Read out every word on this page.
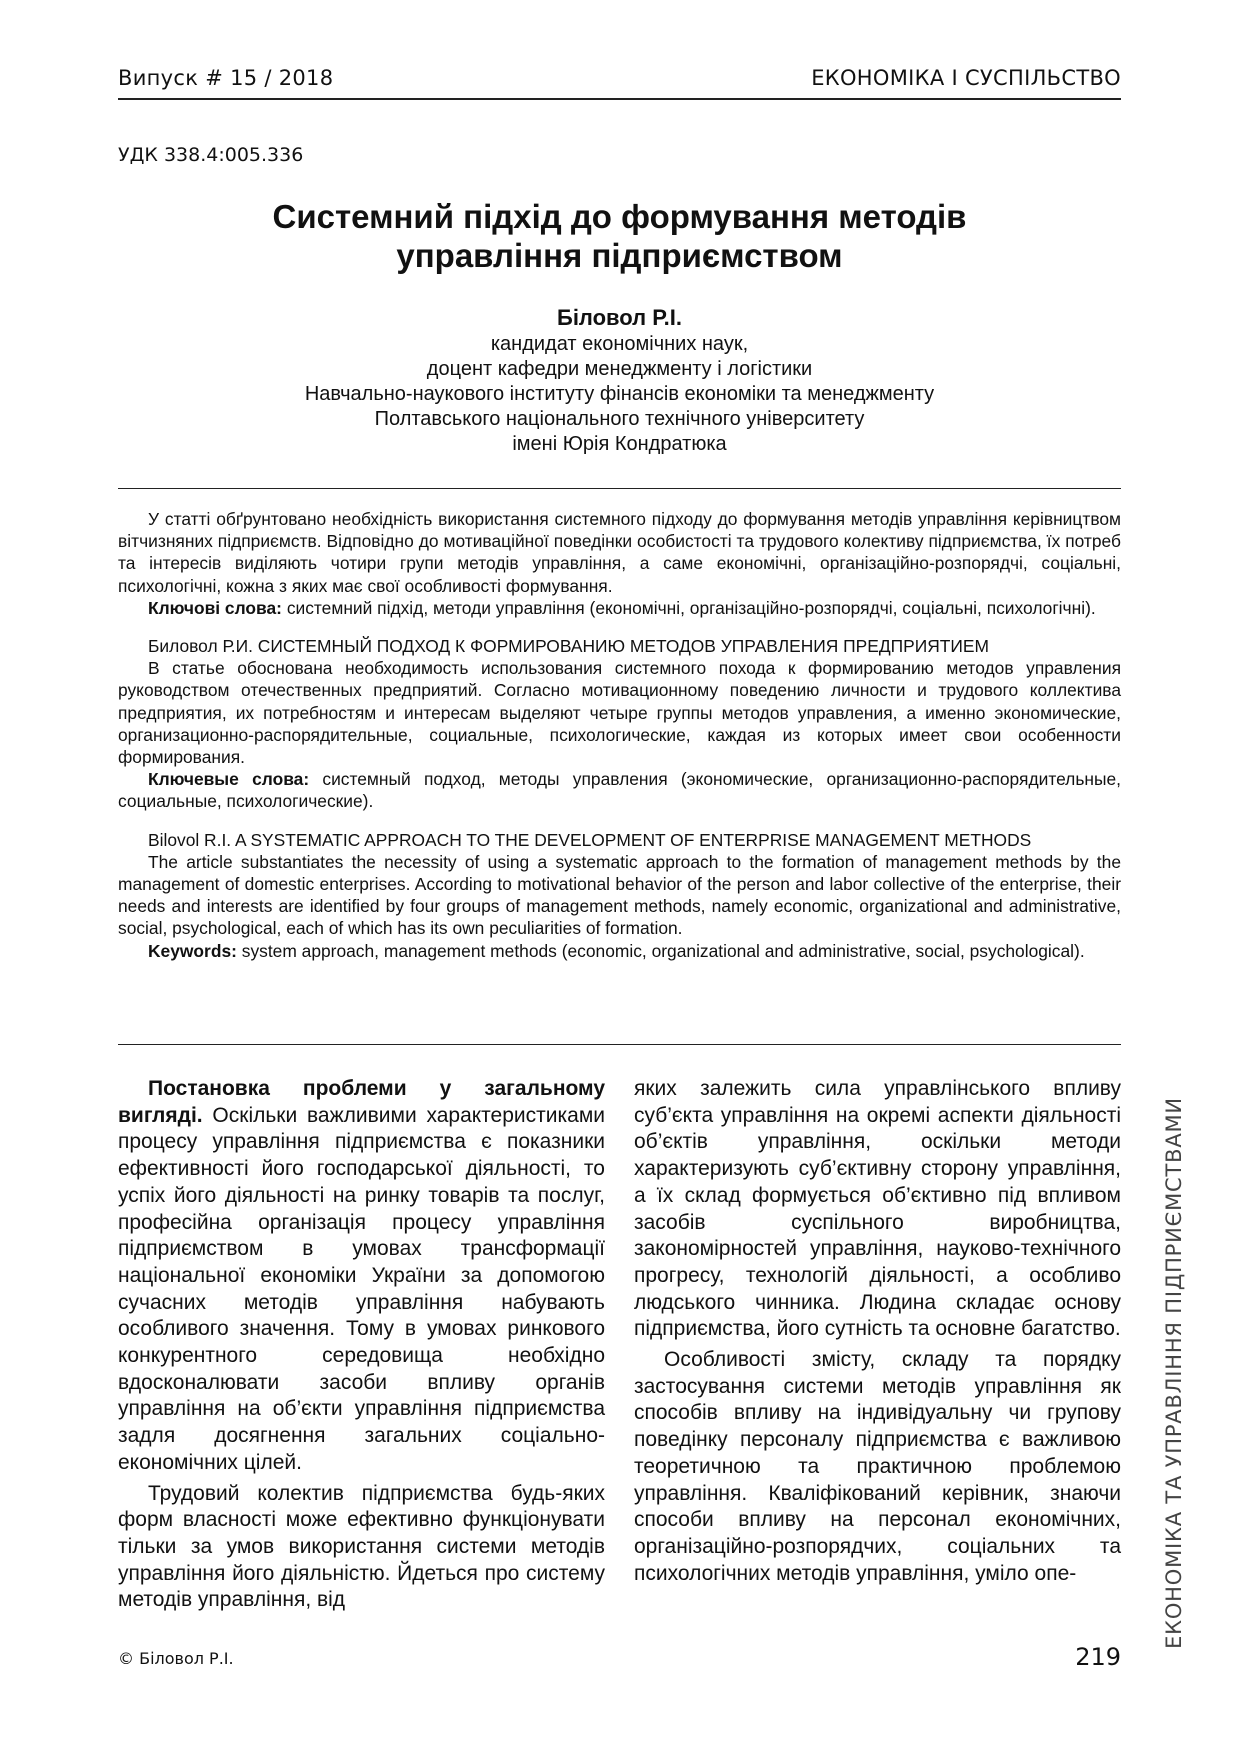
Випуск # 15 / 2018	ЕКОНОМІКА І СУСПІЛЬСТВО
УДК 338.4:005.336
Системний підхід до формування методів
управління підприємством
Біловол Р.І.
кандидат економічних наук,
доцент кафедри менеджменту і логістики
Навчально-наукового інституту фінансів економіки та менеджменту
Полтавського національного технічного університету
імені Юрія Кондратюка

У статті обґрунтовано необхідність використання системного підходу до формування методів управління керівництвом вітчизняних підприємств. Відповідно до мотиваційної поведінки особистості та трудового колективу підприємства, їх потреб та інтересів виділяють чотири групи методів управління, а саме економічні, організаційно-розпорядчі, соціальні, психологічні, кожна з яких має свої особливості формування.

Ключові слова: системний підхід, методи управління (економічні, організаційно-розпорядчі, соціальні, психологічні).

Биловол Р.И. СИСТЕМНЫЙ ПОДХОД К ФОРМИРОВАНИЮ МЕТОДОВ УПРАВЛЕНИЯ ПРЕДПРИЯТИЕМ

В статье обоснована необходимость использования системного похода к формированию методов управления руководством отечественных предприятий. Согласно мотивационному поведению личности и трудового коллектива предприятия, их потребностям и интересам выделяют четыре группы методов управления, а именно экономические, организационно-распорядительные, социальные, психологические, каждая из которых имеет свои особенности формирования.

Ключевые слова: системный подход, методы управления (экономические, организационно-распорядительные, социальные, психологические).

Bilovol R.I. A SYSTEMATIC APPROACH TO THE DEVELOPMENT OF ENTERPRISE MANAGEMENT METHODS

The article substantiates the necessity of using a systematic approach to the formation of management methods by the management of domestic enterprises. According to motivational behavior of the person and labor collective of the enterprise, their needs and interests are identified by four groups of management methods, namely economic, organizational and administrative, social, psychological, each of which has its own peculiarities of formation.

Keywords: system approach, management methods (economic, organizational and administrative, social, psychological).

Постановка проблеми у загальному вигляді. Оскільки важливими характеристиками процесу управління підприємства є показники ефективності його господарської діяльності, то успіх його діяльності на ринку товарів та послуг, професійна організація процесу управління підприємством в умовах трансформації національної економіки України за допомогою сучасних методів управління набувають особливого значення. Тому в умовах ринкового конкурентного середовища необхідно вдосконалювати засоби впливу органів управління на об’єкти управління підприємства задля досягнення загальних соціально-економічних цілей.

Трудовий колектив підприємства будь-яких форм власності може ефективно функціонувати тільки за умов використання системи методів управління його діяльністю. Йдеться про систему методів управління, від

яких залежить сила управлінського впливу суб’єкта управління на окремі аспекти діяльності об’єктів управління, оскільки методи характеризують суб’єктивну сторону управління, а їх склад формується об’єктивно під впливом засобів суспільного виробництва, закономірностей управління, науково-технічного прогресу, технологій діяльності, а особливо людського чинника. Людина складає основу підприємства, його сутність та основне багатство.

Особливості змісту, складу та порядку застосування системи методів управління як способів впливу на індивідуальну чи групову поведінку персоналу підприємства є важливою теоретичною та практичною проблемою управління. Кваліфікований керівник, знаючи способи впливу на персонал економічних, організаційно-розпорядчих, соціальних та психологічних методів управління, уміло опе-

© Біловол Р.І.	219
ЕКОНОМІКА ТА УПРАВЛІННЯ ПІДПРИЄМСТВАМИ
